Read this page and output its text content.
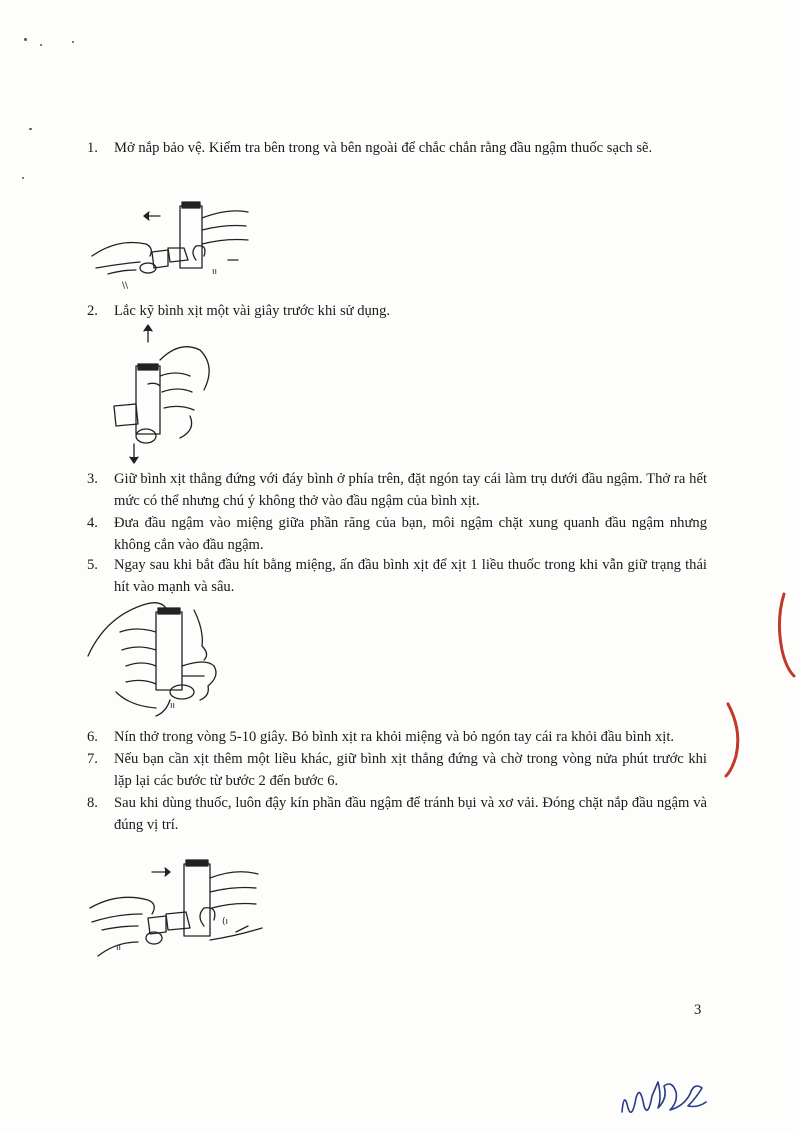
1.	Mở nắp bảo vệ. Kiểm tra bên trong và bên ngoài để chắc chắn rằng đầu ngậm thuốc sạch sẽ.
\\
ıı
2.	Lắc kỹ bình xịt một vài giây trước khi sử dụng.
3.	Giữ bình xịt thẳng đứng với đáy bình ở phía trên, đặt ngón tay cái làm trụ dưới đầu ngậm. Thở ra hết mức có thể nhưng chú ý không thở vào đầu ngậm của bình xịt.
4.	Đưa đầu ngậm vào miệng giữa phần răng của bạn, môi ngậm chặt xung quanh đầu ngậm nhưng không cắn vào đầu ngậm.
5.	Ngay sau khi bắt đầu hít bằng miệng, ấn đầu bình xịt để xịt 1 liều thuốc trong khi vẫn giữ trạng thái hít vào mạnh và sâu.
ıı
6.	Nín thở trong vòng 5-10 giây. Bỏ bình xịt ra khỏi miệng và bỏ ngón tay cái ra khỏi đầu bình xịt.
7.	Nếu bạn cần xịt thêm một liều khác, giữ bình xịt thẳng đứng và chờ trong vòng nửa phút trước khi lặp lại các bước từ bước 2 đến bước 6.
8.	Sau khi dùng thuốc, luôn đậy kín phần đầu ngậm để tránh bụi và xơ vải. Đóng chặt nắp đầu ngậm và đúng vị trí.
ıı
(ı
3
